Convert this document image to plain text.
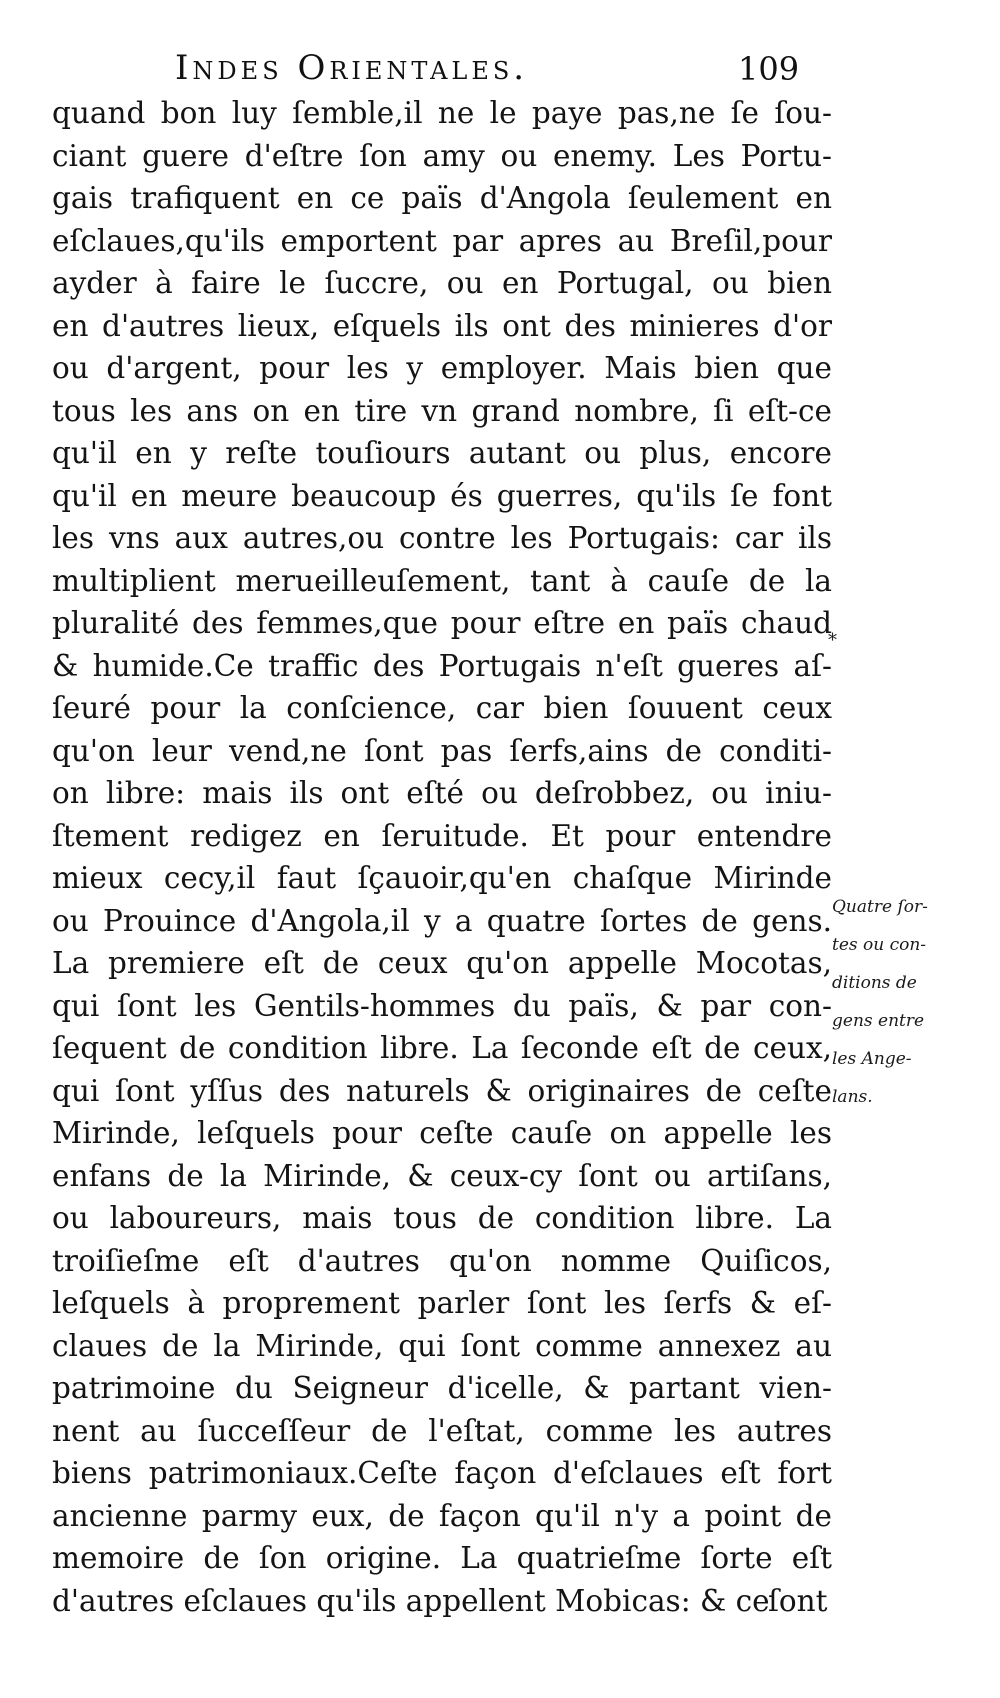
Indes Orientales.	109
quand bon luy ſemble,il ne le paye pas,ne ſe ſou-
ciant guere d'eſtre ſon amy ou enemy. Les Portu-
gais trafiquent en ce païs d'Angola ſeulement en
eſclaues,qu'ils emportent par apres au Breſil,pour
ayder à faire le ſuccre, ou en Portugal, ou bien
en d'autres lieux, eſquels ils ont des minieres d'or
ou d'argent, pour les y employer. Mais bien que
tous les ans on en tire vn grand nombre, ſi eſt-ce
qu'il en y reſte touſiours autant ou plus, encore
qu'il en meure beaucoup és guerres, qu'ils ſe font
les vns aux autres,ou contre les Portugais: car ils
multiplient merueilleuſement, tant à cauſe de la
pluralité des femmes,que pour eſtre en païs chaud
& humide.Ce traffic des Portugais n'eſt gueres aſ-
ſeuré pour la conſcience, car bien ſouuent ceux
qu'on leur vend,ne ſont pas ſerfs,ains de conditi-
on libre: mais ils ont eſté ou deſrobbez, ou iniu-
ſtement redigez en ſeruitude. Et pour entendre
mieux cecy,il faut ſçauoir,qu'en chaſque Mirinde
ou Prouince d'Angola,il y a quatre ſortes de gens.
La premiere eſt de ceux qu'on appelle Mocotas,
qui ſont les Gentils-hommes du païs, & par con-
ſequent de condition libre. La ſeconde eſt de ceux,
qui ſont yſſus des naturels & originaires de ceſte
Mirinde, leſquels pour ceſte cauſe on appelle les
enfans de la Mirinde, & ceux-cy ſont ou artiſans,
ou laboureurs, mais tous de condition libre. La
troiſieſme eſt d'autres qu'on nomme Quiſicos,
leſquels à proprement parler ſont les ſerfs & eſ-
claues de la Mirinde, qui ſont comme annexez au
patrimoine du Seigneur d'icelle, & partant vien-
nent au ſucceſſeur de l'eſtat, comme les autres
biens patrimoniaux.Ceſte façon d'eſclaues eſt fort
ancienne parmy eux, de façon qu'il n'y a point de
memoire de ſon origine. La quatrieſme ſorte eſt
d'autres eſclaues qu'ils appellent Mobicas: & ce
*
Quatre ſor-
tes ou con-
ditions de
gens entre
les Ange-
lans.
ſont
